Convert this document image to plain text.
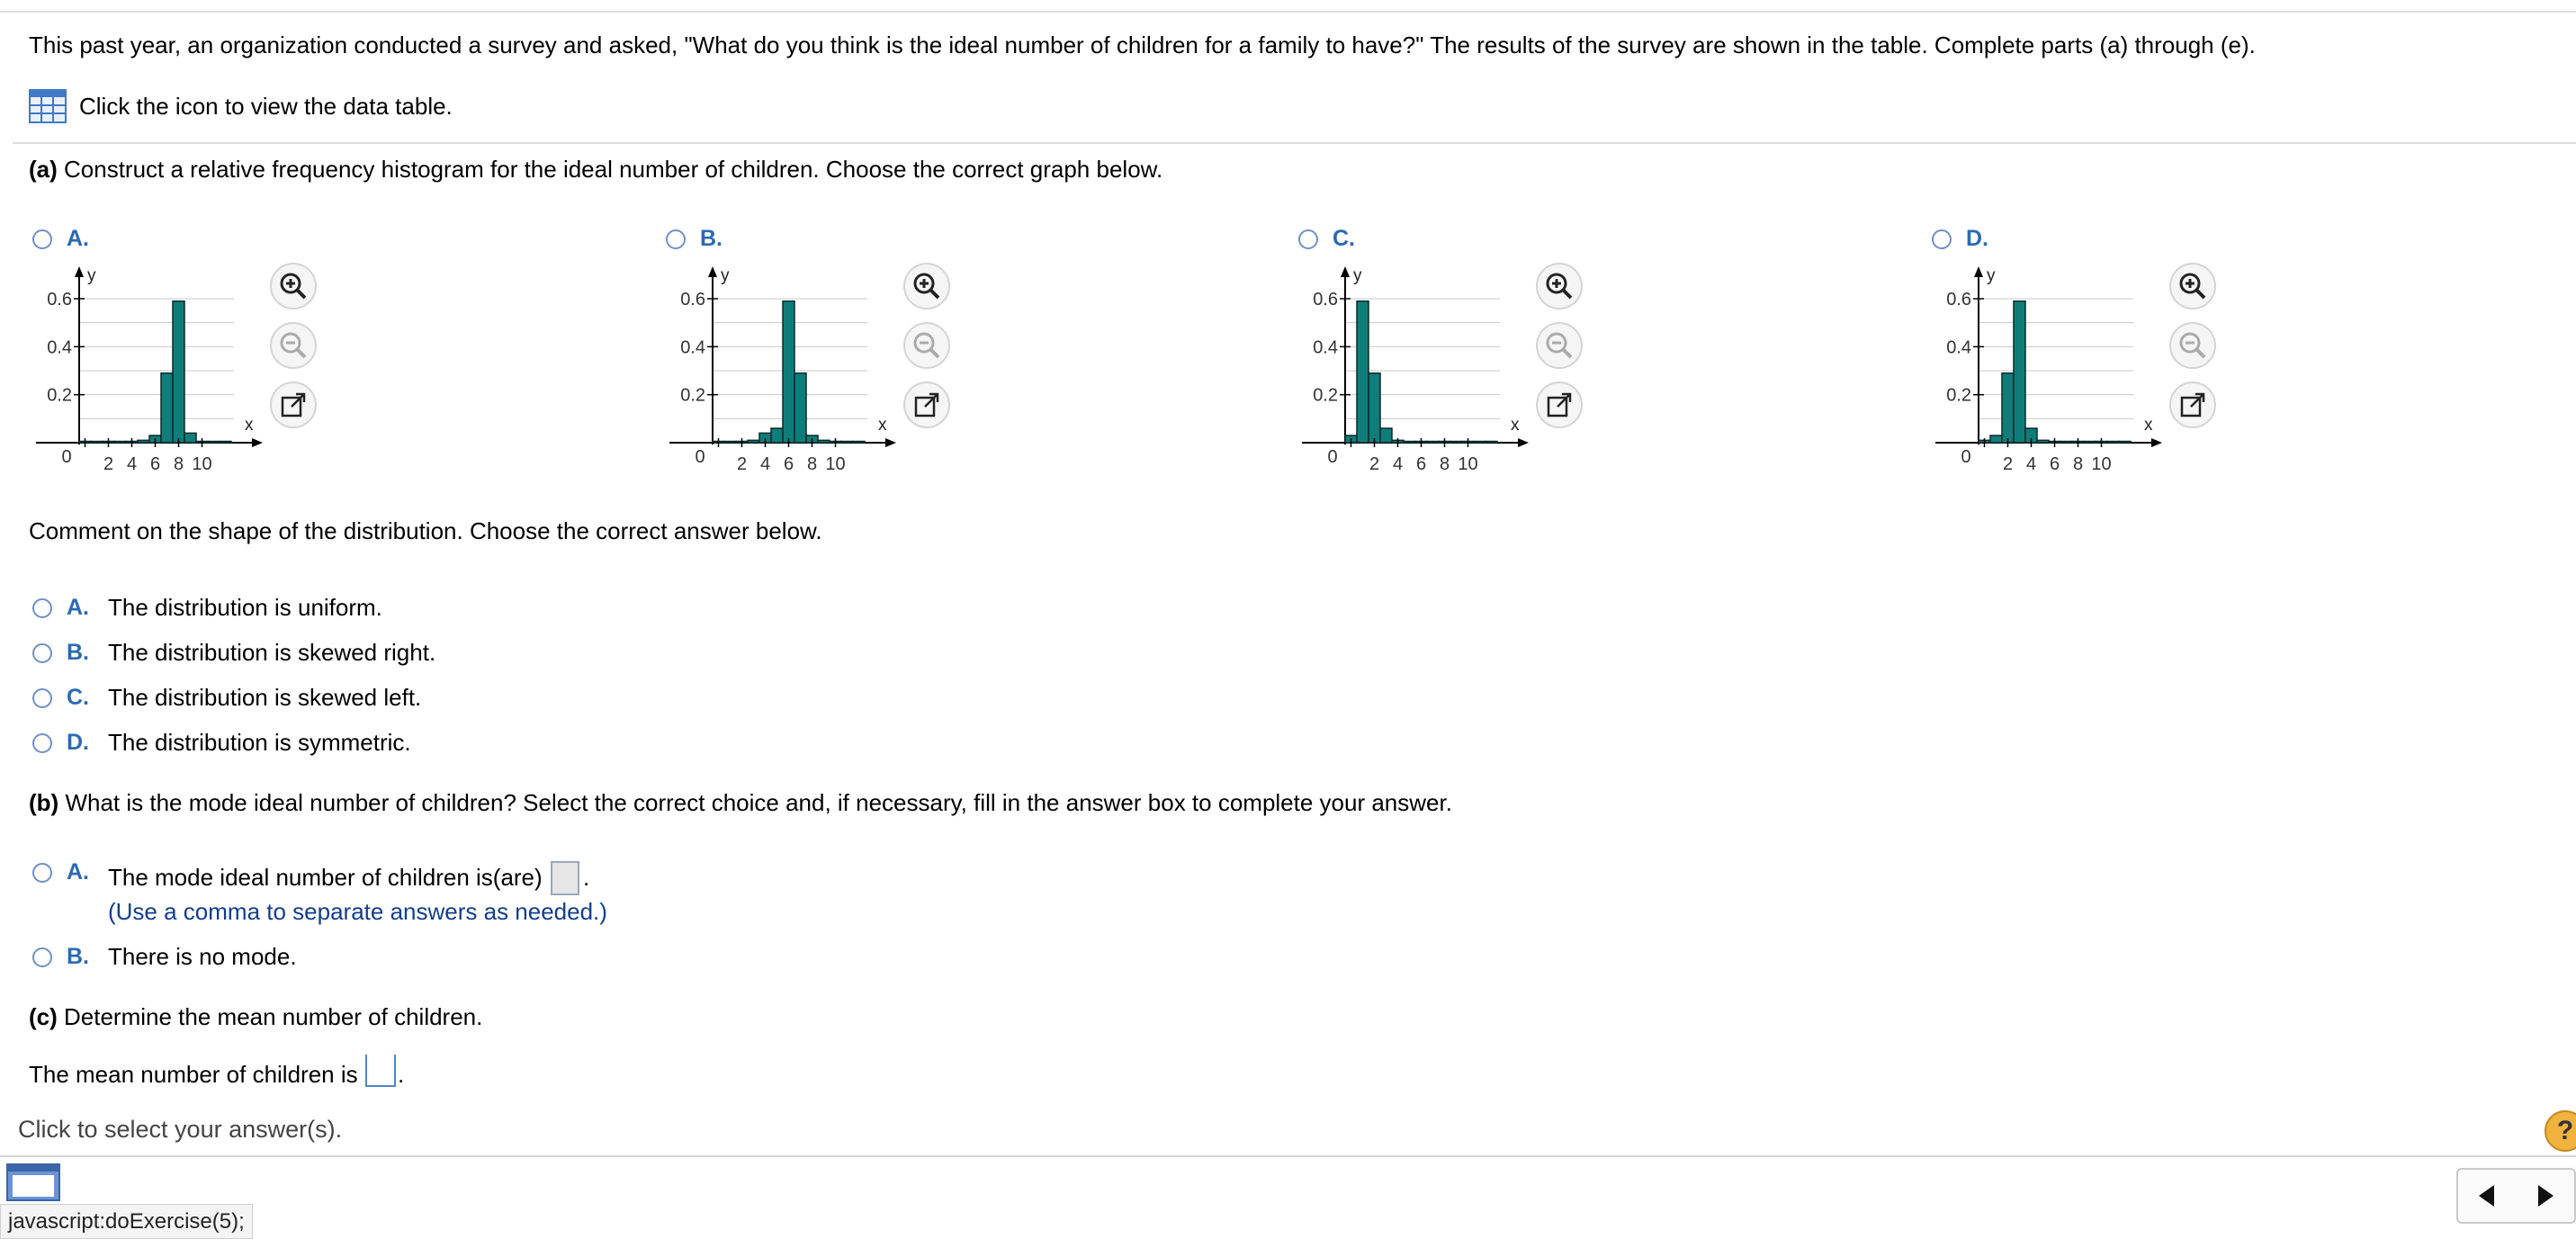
This past year, an organization conducted a survey and asked, "What do you think is the ideal number of children for a family to have?" The results of the survey are shown in the table. Complete parts (a) through (e).
Click the icon to view the data table.
(a) Construct a relative frequency histogram for the ideal number of children. Choose the correct graph below.
A.
0.6
0.4
0.2
0 2 4 6 8 10
x
y
B.
0.6
0.4
0.2
0 2 4 6 8 10
x
y
C.
0.6
0.4
0.2
0 2 4 6 8 10
x
y
D.
0.6
0.4
0.2
0 2 4 6 8 10
x
y
Comment on the shape of the distribution. Choose the correct answer below.
A. The distribution is uniform.
B. The distribution is skewed right.
C. The distribution is skewed left.
D. The distribution is symmetric.
(b) What is the mode ideal number of children? Select the correct choice and, if necessary, fill in the answer box to complete your answer.
A. The mode ideal number of children is(are) .
(Use a comma to separate answers as needed.)
B. There is no mode.
(c) Determine the mean number of children.
The mean number of children is .
Click to select your answer(s).	?
javascript:doExercise(5);
